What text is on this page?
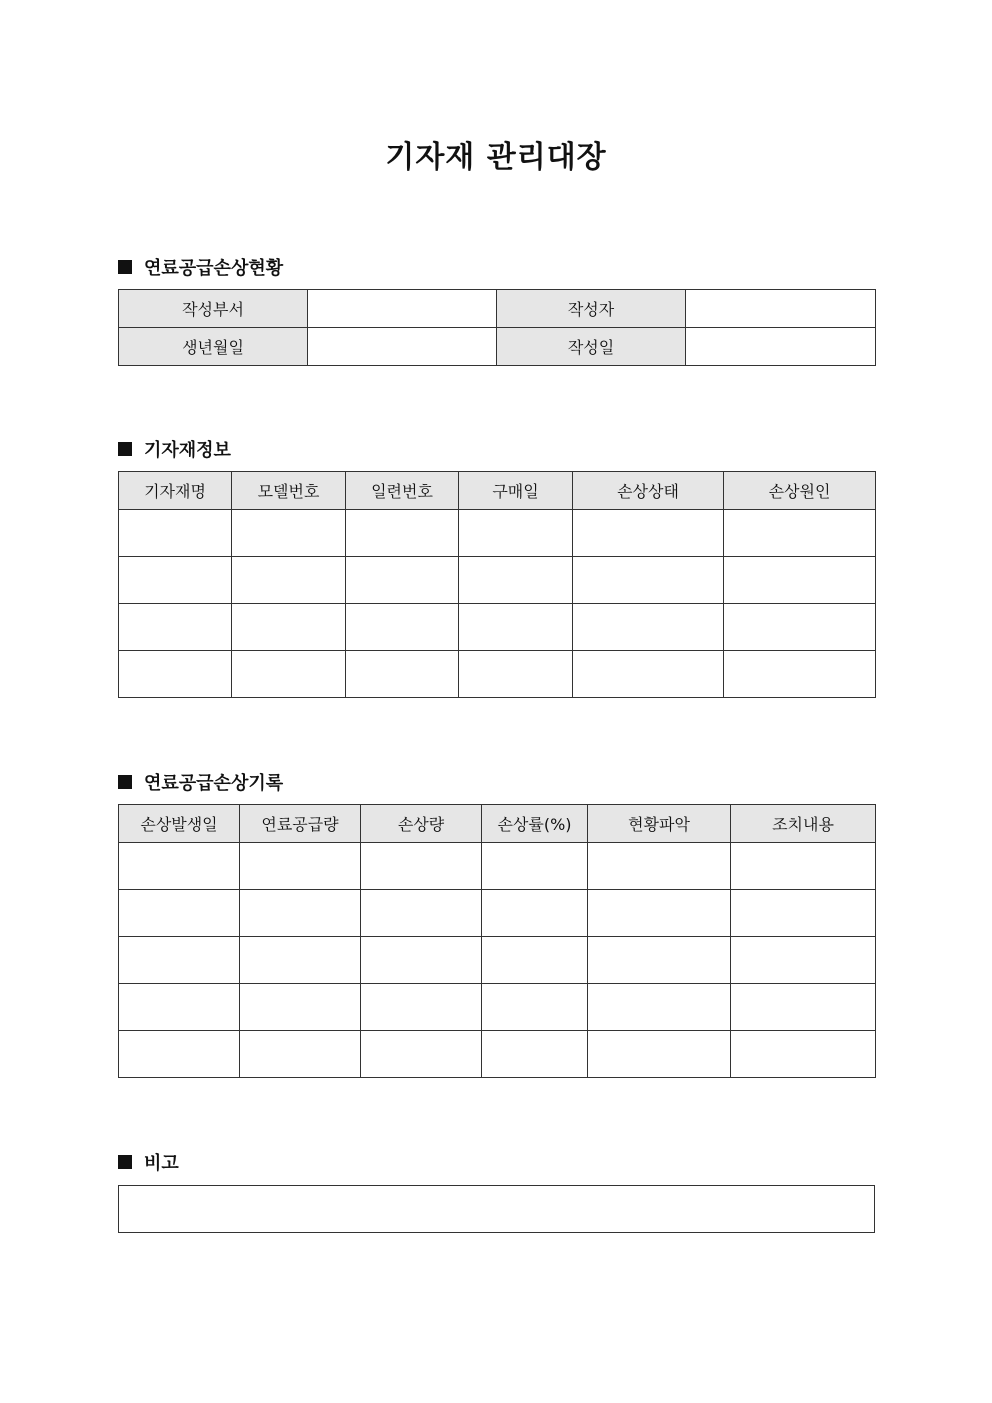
기자재 관리대장
연료공급손상현황
작성부서		작성자	
생년월일		작성일	
기자재정보
기자재명	모델번호	일련번호	구매일	손상상태	손상원인

연료공급손상기록
손상발생일	연료공급량	손상량	손상률(%)	현황파악	조치내용

비고
